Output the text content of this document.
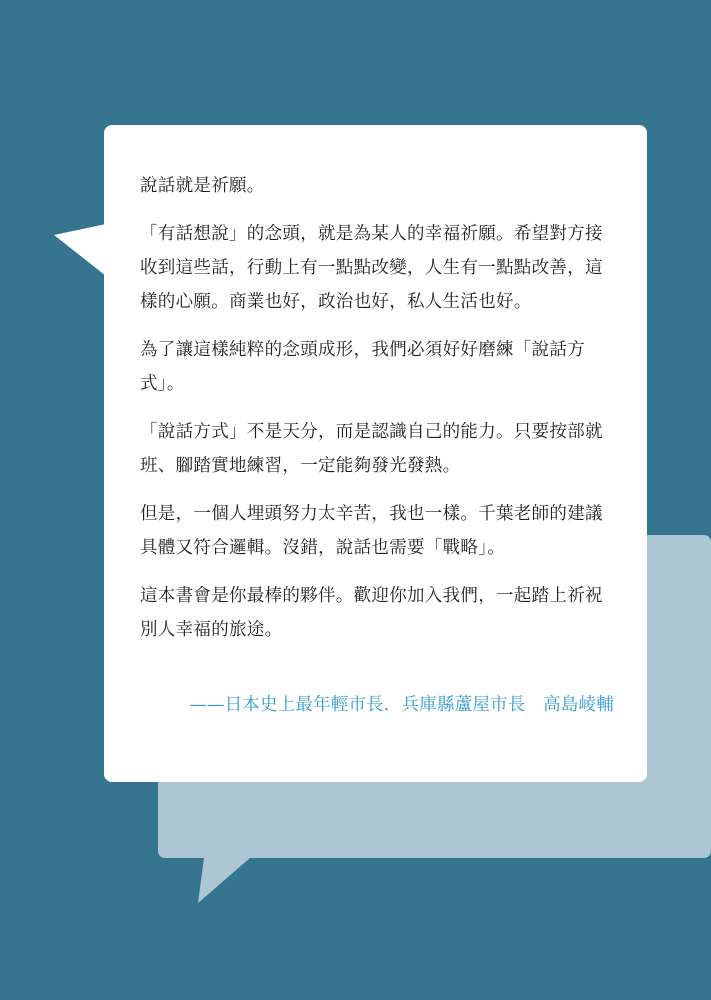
說話就是祈願。

「有話想說」的念頭，就是為某人的幸福祈願。希望對方接收到這些話，行動上有一點點改變，人生有一點點改善，這樣的心願。商業也好，政治也好，私人生活也好。

為了讓這樣純粹的念頭成形，我們必須好好磨練「說話方式」。

「說話方式」不是天分，而是認識自己的能力。只要按部就班、腳踏實地練習，一定能夠發光發熱。

但是，一個人埋頭努力太辛苦，我也一樣。千葉老師的建議具體又符合邏輯。沒錯，說話也需要「戰略」。

這本書會是你最棒的夥伴。歡迎你加入我們，一起踏上祈祝別人幸福的旅途。

——日本史上最年輕市長．兵庫縣蘆屋市長　高島崚輔
